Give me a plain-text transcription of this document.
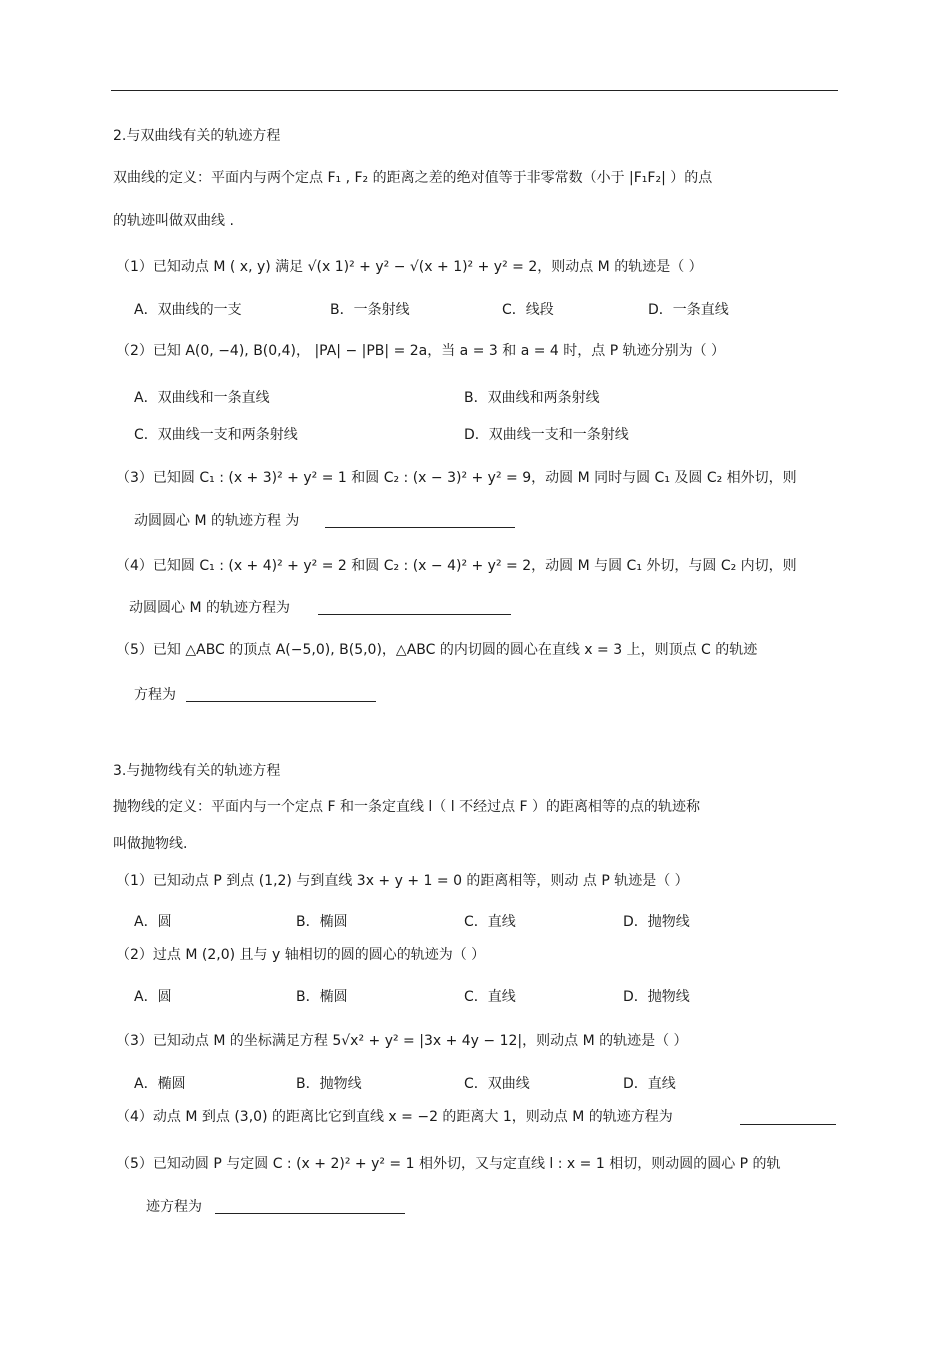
2.与双曲线有关的轨迹方程
双曲线的定义：平面内与两个定点 F₁ , F₂ 的距离之差的绝对值等于非零常数（小于 |F₁F₂| ）的点
的轨迹叫做双曲线 .
（1）已知动点 M ( x, y) 满足 √(x 1)² + y² − √(x + 1)² + y² = 2，则动点 M 的轨迹是（ ）
A．双曲线的一支	B．一条射线	C．线段	D．一条直线
（2）已知 A(0, −4), B(0,4)， |PA| − |PB| = 2a，当 a = 3 和 a = 4 时，点 P 轨迹分别为（ ）
A．双曲线和一条直线	B．双曲线和两条射线
C．双曲线一支和两条射线	D．双曲线一支和一条射线
（3）已知圆 C₁ : (x + 3)² + y² = 1 和圆 C₂ : (x − 3)² + y² = 9，动圆 M 同时与圆 C₁ 及圆 C₂ 相外切，则
动圆圆心 M 的轨迹方程 为
（4）已知圆 C₁ : (x + 4)² + y² = 2 和圆 C₂ : (x − 4)² + y² = 2，动圆 M 与圆 C₁ 外切，与圆 C₂ 内切，则
动圆圆心 M 的轨迹方程为
（5）已知 △ABC 的顶点 A(−5,0), B(5,0)，△ABC 的内切圆的圆心在直线 x = 3 上，则顶点 C 的轨迹
方程为
3.与抛物线有关的轨迹方程
抛物线的定义：平面内与一个定点 F 和一条定直线 l（ l 不经过点 F ）的距离相等的点的轨迹称
叫做抛物线.
（1）已知动点 P 到点 (1,2) 与到直线 3x + y + 1 = 0 的距离相等，则动 点 P 轨迹是（ ）
A．圆	B．椭圆	C．直线	D．抛物线
（2）过点 M (2,0) 且与 y 轴相切的圆的圆心的轨迹为（ ）
A．圆	B．椭圆	C．直线	D．抛物线
（3）已知动点 M 的坐标满足方程 5√x² + y² = |3x + 4y − 12|，则动点 M 的轨迹是（ ）
A．椭圆	B．抛物线	C．双曲线	D．直线
（4）动点 M 到点 (3,0) 的距离比它到直线 x = −2 的距离大 1，则动点 M 的轨迹方程为
（5）已知动圆 P 与定圆 C : (x + 2)² + y² = 1 相外切，又与定直线 l : x = 1 相切，则动圆的圆心 P 的轨
迹方程为
